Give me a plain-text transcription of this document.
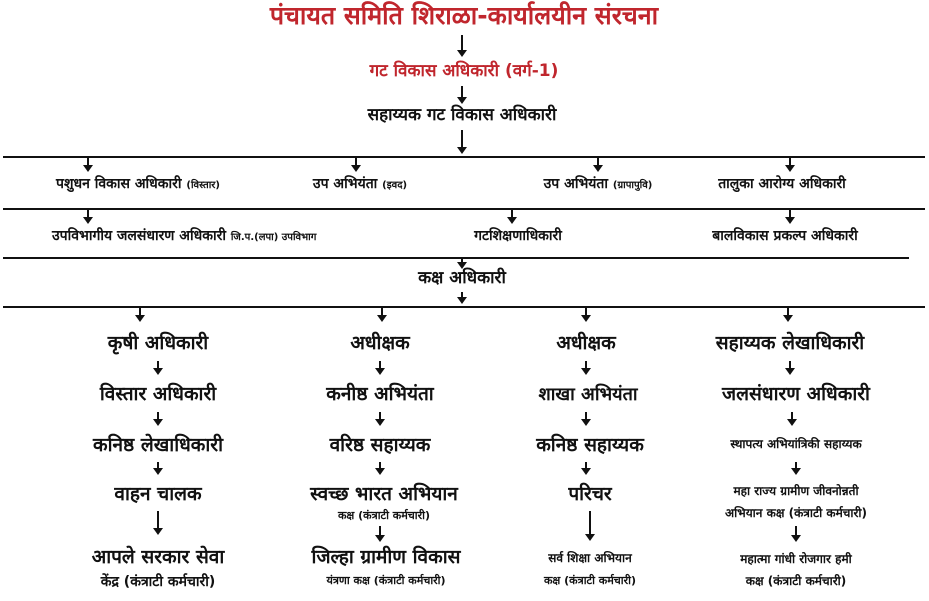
पंचायत समिति शिराळा-कार्यालयीन संरचना
गट विकास अधिकारी (वर्ग-1)
सहाय्यक गट विकास अधिकारी
पशुधन विकास अधिकारी (विस्तार)	उप अभियंता (इवद)	उप अभियंता (ग्रापापुवि)	तालुका आरोग्य अधिकारी
उपविभागीय जलसंधारण अधिकारी जि.प.(लपा) उपविभाग	गटशिक्षणाधिकारी	बालविकास प्रकल्प अधिकारी
कक्ष अधिकारी
कृषी अधिकारी
विस्तार अधिकारी
कनिष्ठ लेखाधिकारी
वाहन चालक
आपले सरकार सेवा
केंद्र (कंत्राटी कर्मचारी)
अधीक्षक
कनीष्ठ अभियंता
वरिष्ठ सहाय्यक
स्वच्छ भारत अभियान
कक्ष (कंत्राटी कर्मचारी)
जिल्हा ग्रामीण विकास
यंत्रणा कक्ष (कंत्राटी कर्मचारी)
अधीक्षक
शाखा अभियंता
कनिष्ठ सहाय्यक
परिचर
सर्व शिक्षा अभियान
कक्ष (कंत्राटी कर्मचारी)
सहाय्यक लेखाधिकारी
जलसंधारण अधिकारी
स्थापत्य अभियांत्रिकी सहाय्यक
महा राज्य ग्रामीण जीवनोन्नती
अभियान कक्ष (कंत्राटी कर्मचारी)
महात्मा गांधी रोजगार हमी
कक्ष (कंत्राटी कर्मचारी)
